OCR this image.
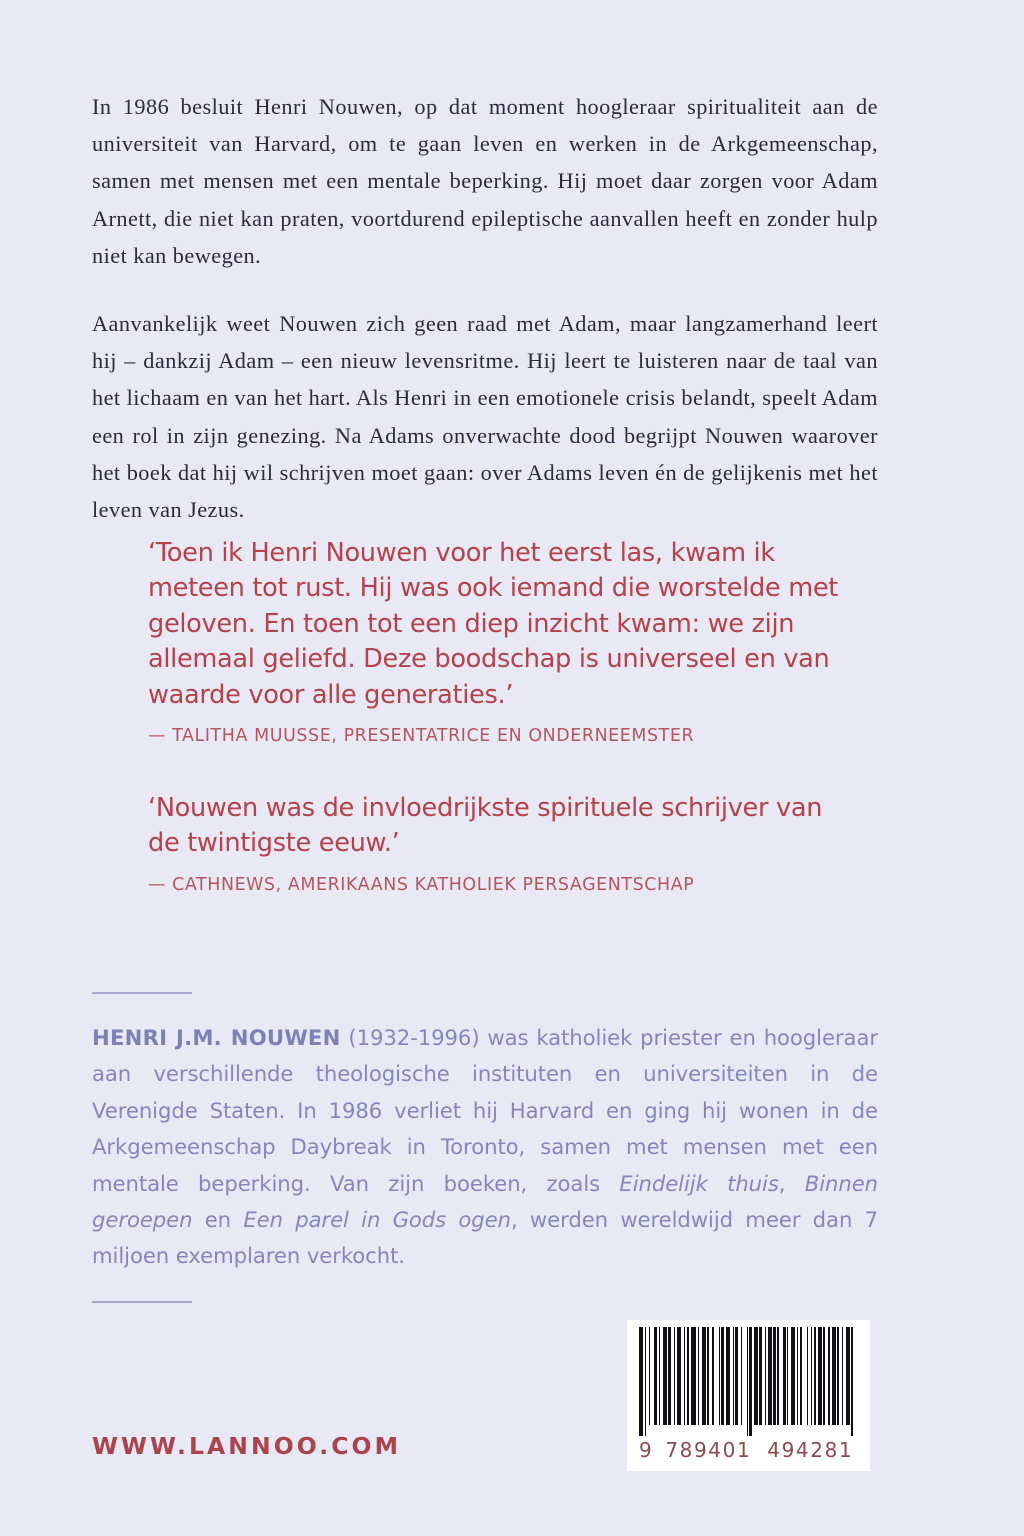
In 1986 besluit Henri Nouwen, op dat moment hoogleraar spiritualiteit aan de universiteit van Harvard, om te gaan leven en werken in de Arkgemeenschap, samen met mensen met een mentale beperking. Hij moet daar zorgen voor Adam Arnett, die niet kan praten, voortdurend epileptische aanvallen heeft en zonder hulp niet kan bewegen.

Aanvankelijk weet Nouwen zich geen raad met Adam, maar langzamerhand leert hij – dankzij Adam – een nieuw levensritme. Hij leert te luisteren naar de taal van het lichaam en van het hart. Als Henri in een emotionele crisis belandt, speelt Adam een rol in zijn genezing. Na Adams onverwachte dood begrijpt Nouwen waarover het boek dat hij wil schrijven moet gaan: over Adams leven én de gelijkenis met het leven van Jezus.

‘Toen ik Henri Nouwen voor het eerst las, kwam ik meteen tot rust. Hij was ook iemand die worstelde met geloven. En toen tot een diep inzicht kwam: we zijn allemaal geliefd. Deze boodschap is universeel en van waarde voor alle generaties.’
— TALITHA MUUSSE, PRESENTATRICE EN ONDERNEEMSTER
‘Nouwen was de invloedrijkste spirituele schrijver van de twintigste eeuw.’
— CATHNEWS, AMERIKAANS KATHOLIEK PERSAGENTSCHAP

HENRI J.M. NOUWEN (1932-1996) was katholiek priester en hoogleraar aan verschillende theologische instituten en universiteiten in de Verenigde Staten. In 1986 verliet hij Harvard en ging hij wonen in de Arkgemeenschap Daybreak in Toronto, samen met mensen met een mentale beperking. Van zijn boeken, zoals Eindelijk thuis, Binnen geroepen en Een parel in Gods ogen, werden wereldwijd meer dan 7 miljoen exemplaren verkocht.

WWW.LANNOO.COM	9 789401 494281
